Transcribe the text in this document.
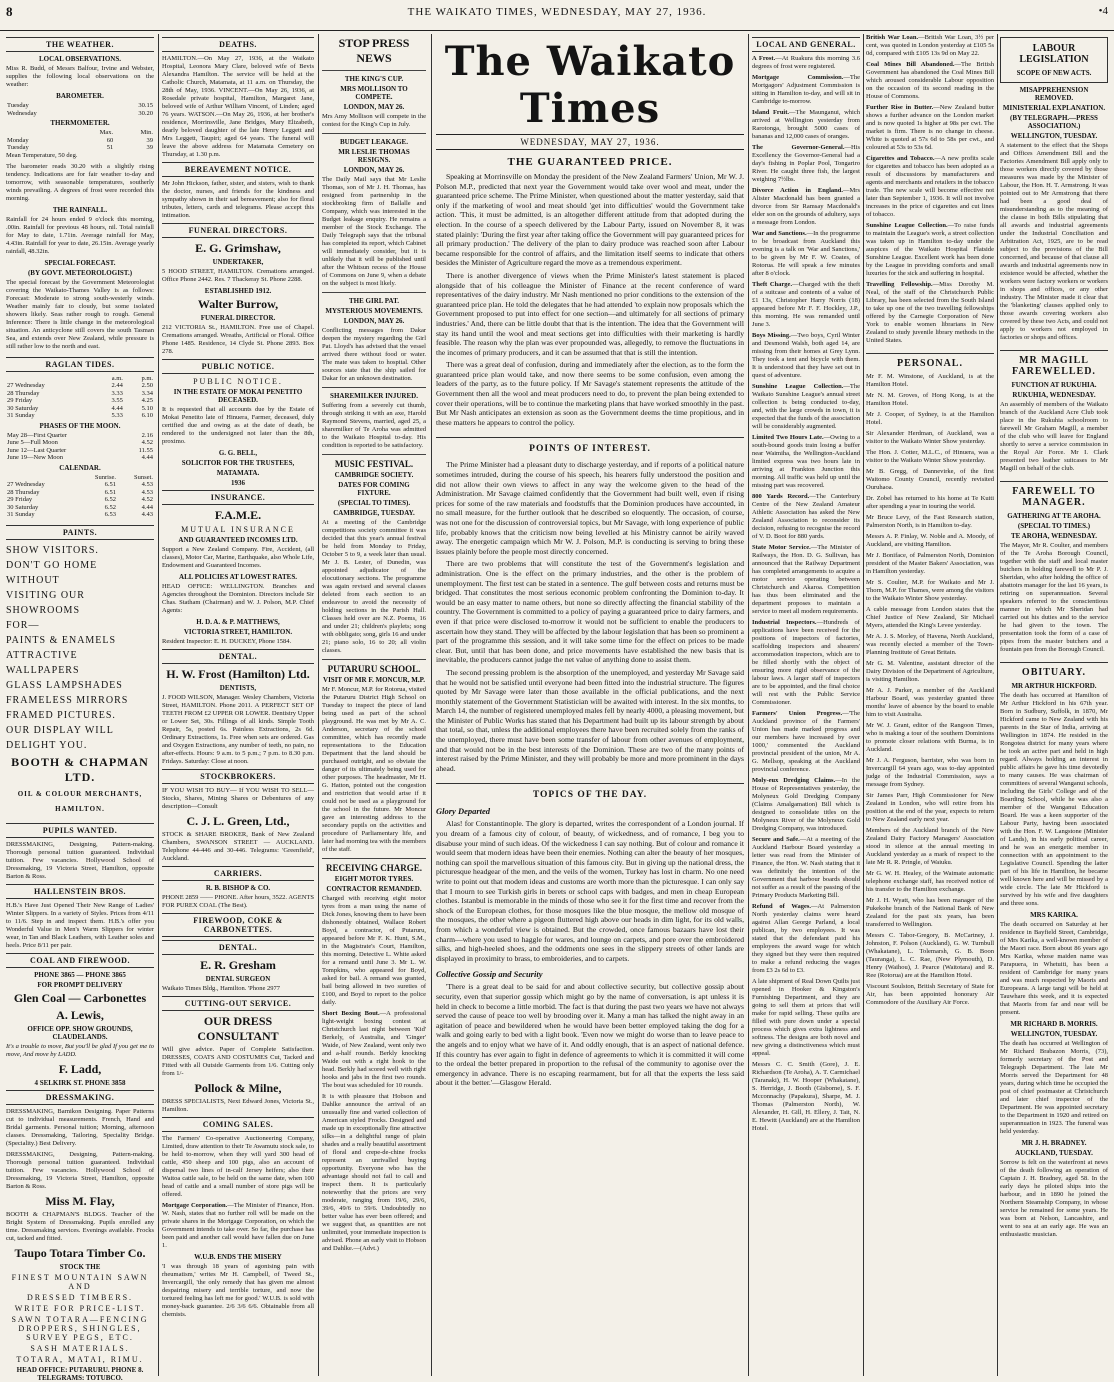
8	THE WAIKATO TIMES, WEDNESDAY, MAY 27, 1936.	•4
THE WEATHER.
LOCAL OBSERVATIONS.

Miss R. Budd, of Messrs Balfour, Irvine and Webster, supplies the following local observations on the weather:

BAROMETER.
Tuesday	30.15
Wednesday	30.20
THERMOMETER.
	Max.	Min.
Monday	60	39
Tuesday	51	39

Mean Temperature, 50 deg.

The barometer reads 30.20 with a slightly rising tendency. Indications are for fair weather to-day and tomorrow, with seasonable temperatures, southerly winds prevailing. A degrees of frost were recorded this morning.

THE RAINFALL.

Rainfall for 24 hours ended 9 o'clock this morning, .00in. Rainfall for previous 48 hours, nil. Total rainfall for May to date, 1.71in. Average rainfall for May, 4.43in. Rainfall for year to date, 26.15in. Average yearly rainfall, 48.32in.

SPECIAL FORECAST.
(BY GOVT. METEOROLOGIST.)

The special forecast by the Government Meteorologist covering the Waikato-Thames Valley is as follows: Forecast: Moderate to strong south-westerly winds. Weather mainly fair to cloudy, but some isolated showers likely. Seas rather rough to rough. General Inference: There is little change in the meteorological situation. An anticyclone still covers the south Tasman Sea, and extends over New Zealand, while pressure is still rather low to the north and east.

RAGLAN TIDES.
	a.m.	p.m.
27 Wednesday	2.44	2.50
28 Thursday	3.33	3.34
29 Friday	3.55	4.25
30 Saturday	4.44	5.10
31 Sunday	5.33	6.10
PHASES OF THE MOON.
May 28—First Quarter	2.16
June 5—Full Moon	4.52
June 12—Last Quarter	11.55
June 19—New Moon	4.44
CALENDAR.
	Sunrise.	Sunset.
27 Wednesday	6.51	4.53
28 Thursday	6.51	4.53
29 Friday	6.52	4.52
30 Saturday	6.52	4.44
31 Sunday	6.53	4.43
PAINTS.
SHOW VISITORS.
DON'T GO HOME WITHOUT
VISITING OUR SHOWROOMS
FOR—
PAINTS & ENAMELS
ATTRACTIVE WALLPAPERS
GLASS LAMPSHADES
FRAMELESS MIRRORS
FRAMED PICTURES.
OUR DISPLAY WILL DELIGHT YOU.
BOOTH & CHAPMAN LTD.
OIL & COLOUR MERCHANTS, HAMILTON.
PUPILS WANTED.

DRESSMAKING, Designing, Pattern-making. Thorough personal tuition guaranteed. Individual tuition. Few vacancies. Hollywood School of Dressmaking, 19 Victoria Street, Hamilton, opposite Barton & Ross.

HALLENSTEIN BROS.

H.B.'s Have Just Opened Their New Range of Ladies' Winter Slippers. In a variety of Styles. Prices from 4/11 to 11/6. Step in and inspect them. H.B.'s offer you Wonderful Value in Men's Warm Slippers for winter wear, in Tan and Black Leathers, with Leather soles and heels. Price 8/11 per pair.

COAL AND FIREWOOD.
PHONE 3865 — PHONE 3865
FOR PROMPT DELIVERY
Glen Coal — Carbonettes
A. Lewis,
OFFICE OPP. SHOW GROUNDS, CLAUDELANDS.

It's a trouble to move, But you'll be glad If you get me to move, And move by LADD.

F. Ladd,
4 SELKIRK ST. PHONE 3858
DRESSMAKING.

DRESSMAKING, Barnikon Designing. Paper Patterns cut to individual measurements. French, Hand and Bridal garments. Personal tuition; Morning, afternoon classes. Dressmaking, Tailoring, Speciality Bridge. (Speciality.) Best Delivery.

DRESSMAKING, Designing, Pattern-making. Thorough personal tuition guaranteed. Individual tuition. Few vacancies. Hollywood School of Dressmaking, 19 Victoria Street, Hamilton, opposite Barton & Ross.

Miss M. Flay,

BOOTH & CHAPMAN'S BLDGS. Teacher of the Bright System of Dressmaking. Pupils enrolled any time. Dressmaking services. Evenings available. Frocks cut, tacked and fitted.

Taupo Totara Timber Co.
STOCK THE
FINEST MOUNTAIN SAWN AND
DRESSED TIMBERS.
WRITE FOR PRICE-LIST.
SAWN TOTARA—FENCING DROPPERS, SHINGLES, SURVEY PEGS, ETC.
SASH MATERIALS.
TOTARA, MATAI, RIMU.
HEAD OFFICE: PUTARURU. PHONE 8. TELEGRAMS: TOTUBCO.
DEATHS.

HAMILTON.—On May 27, 1936, at the Waikato Hospital, Leonora Mary Clare, beloved wife of Bevis Alexandra Hamilton. The service will be held at the Catholic Church, Matamata, at 11 a.m. on Thursday, the 28th of May, 1936. VINCENT.—On May 26, 1936, at Rosedale private hospital, Hamilton, Margaret Jane, beloved wife of Arthur William Vincent, of Linden; aged 76 years. WATSON.—On May 26, 1936, at her brother's residence, Morrinsville, Jane Bridges, Mary Elizabeth, dearly beloved daughter of the late Henry Leggett and Mrs Leggett, Taupiri; aged 64 years. The funeral will leave the above address for Matamata Cemetery on Thursday, at 1.30 p.m.

BEREAVEMENT NOTICE.

Mr John Hickson, father, sister, and sisters, wish to thank the doctor, nurses, and friends for the kindness and sympathy shown in their sad bereavement; also for floral tributes, letters, cards and telegrams. Please accept this intimation.

FUNERAL DIRECTORS.
E. G. Grimshaw,
UNDERTAKER,

5 HOOD STREET, HAMILTON. Cremations arranged. Office Phone 2442. Res. 7 Thackeray St. Phone 2288.

ESTABLISHED 1912.
Walter Burrow,
FUNERAL DIRECTOR.

212 VICTORIA St., HAMILTON. Free use of Chapel. Cremations arranged. Wreaths, Artificial or Floral. Office Phone 1485. Residence, 14 Clyde St. Phone 2893. Box 278.

PUBLIC NOTICE.
PUBLIC NOTICE.
IN THE ESTATE OF MOKAI PENETITO DECEASED.

It is requested that all accounts due by the Estate of Mokai Penetito late of Hinuera, Farmer, deceased, duly certified due and owing as at the date of death, be rendered to the undersigned not later than the 8th, proximo.

G. G. BELL,
SOLICITOR FOR THE TRUSTEES,
MATAMATA.
1936
INSURANCE.
F.A.M.E.
MUTUAL INSURANCE
AND GUARANTEED INCOMES LTD.

Support a New Zealand Company. Fire, Accident, (all classes), Motor Car, Marine, Earthquake, also Whole Life, Endowment and Guaranteed Incomes.

ALL POLICIES AT LOWEST RATES.

HEAD OFFICE: WELLINGTON. Branches and Agencies throughout the Dominion. Directors include Sir Chas. Statham (Chairman) and W. J. Polson, M.P. Chief Agents:

H. D. A. & P. MATTHEWS,
VICTORIA STREET, HAMILTON.

Resident Inspector: E. H. DUCKEY, Phone 1584.

DENTAL.
H. W. Frost (Hamilton) Ltd.
DENTISTS,

J. FOOD WILSON, Manager. Wesley Chambers, Victoria Street, HAMILTON. Phone 2011. A PERFECT SET OF TEETH FROM £2 UPPER OR LOWER. Dentistry Upper or Lower Set, 30s. Fillings of all kinds. Simple Tooth Repair, 5s, posted 6s. Painless Extractions, 2s 6d. Ordinary Extractions, 1s. Free when sets are ordered. Gas and Oxygen Extractions, any number of teeth, no pain, no after-effects. Hours: 9 a.m. to 5 p.m.; 7 p.m. to 8.30 p.m. Fridays. Saturday: Close at noon.

STOCKBROKERS.

IF YOU WISH TO BUY— If YOU WISH TO SELL— Stocks, Shares, Mining Shares or Debentures of any description—Consult

C. J. L. Green, Ltd.,

STOCK & SHARE BROKER, Bank of New Zealand Chambers, SWANSON STREET — AUCKLAND. Telephone 44-446 and 30-446. Telegrams: 'Greenfield', Auckland.

CARRIERS.
R. B. BISHOP & CO.

PHONE 2859 —— PHONE. After hours, 3522. AGENTS FOR PUREX COAL (The Best).

FIREWOOD, COKE & CARBONETTES.
DENTAL.
E. R. Gresham
DENTAL SURGEON

Waikato Times Bldg., Hamilton. 'Phone 2977

CUTTING-OUT SERVICE.
OUR DRESS CONSULTANT

Will give advice. Paper of Complete Satisfaction. DRESSES, COATS AND COSTUMES Cut, Tacked and Fitted with all Outside Garments from 1/6. Cutting only from 1/-

Pollock & Milne,

DRESS SPECIALISTS, Next Edward Jones, Victoria St., Hamilton.

COMING SALES.

The Farmers' Co-operative Auctioneering Company, Limited, draw attention to their Te Awamutu stock sale, to be held to-morrow, when they will yard 300 head of cattle, 450 sheep and 100 pigs, also an account of dispersal two lines of in-calf Jersey heifers; also their Waitoa cattle sale, to be held on the same date, when 100 head of cattle and a small number of store pigs will be offered.

Mortgage Corporation.—The Minister of Finance, Hon. W. Nash, states that no further roll will be made on the private shares in the Mortgage Corporation, on which the Government intends to take over. So far, the purchase has been paid and another call would have fallen due on June 1.

W.U.B. ENDS THE MISERY

'I was through 18 years of agonising pain with rheumatism,' writes Mr H. Campbell, of Tweed St., Invercargill, 'the only remedy that has given me almost despairing misery and terrible torture, and now the tortured feeling has left me for good.' W.U.B. is sold with money-back guarantee. 2/6 3/6 6/6. Obtainable from all chemists.

STOP PRESS NEWS
THE KING'S CUP.
MRS MOLLISON TO COMPETE.
LONDON, MAY 26.

Mrs Amy Mollison will compete in the contest for the King's Cup in July.

BUDGET LEAKAGE.
MR LESLIE THOMAS RESIGNS.
LONDON, MAY 26.

The Daily Mail says that Mr Leslie Thomas, son of Mr J. H. Thomas, has resigned from partnership in the stockbroking firm of Ballalle and Company, which was interested in the Budget leakage enquiry. He remains a member of the Stock Exchange. The Daily Telegraph says that the tribunal has completed its report, which Cabinet will immediately consider, but it is unlikely that it will be published until after the Whitsun recess of the House of Commons on June 9, when a debate on the subject is most likely.

THE GIRL PAT.
MYSTERIOUS MOVEMENTS.
LONDON, MAY 26.

Conflicting messages from Dakar deepen the mystery regarding the Girl Pat. Lloyd's has advised that the vessel arrived there without food or water. The mate was taken to hospital. Other sources state that the ship sailed for Dakar for an unknown destination.

SHAREMILKER INJURED.

Suffering from a severely cut thumb, through striking it with an axe, Harold Raymond Stevens, married, aged 25, a sharemilker of Te Aroha was admitted to the Waikato Hospital to-day. His condition is reported to be satisfactory.

MUSIC FESTIVAL.
CAMBRIDGE SOCIETY.
DATES FOR COMING FIXTURE.
(SPECIAL TO TIMES).
CAMBRIDGE, TUESDAY.

At a meeting of the Cambridge competitions society committee it was decided that this year's annual festival be held from Monday to Friday, October 5 to 9, a week later than usual. Mr J. B. Lester, of Dunedin, was appointed adjudicator of the elocutionary sections. The programme was again revised and several classes deleted from each section to an endeavour to avoid the necessity of holding sections in the Parish Hall. Classes held over are N.Z. Poems, 16 and under 21; children's playlets; song with obbligato; song, girls 16 and under 21; piano solo, 16 to 20; all violin classes.

PUTARURU SCHOOL.
VISIT OF MR F. MONCUR, M.P.

Mr F. Moncur, M.P. for Rotorua, visited the Putaruru District High School on Tuesday to inspect the piece of land being used as part of the school playground. He was met by Mr A. C. Anderson, secretary of the school committee, which has recently made representations to the Education Department that the land should be purchased outright, and so obviate the danger of its ultimately being used for other purposes. The headmaster, Mr H. G. Hatton, pointed out the congestion and restriction that would arise if it could not be used as a playground for the school in the future. Mr Moncur gave an interesting address to the secondary pupils on the activities and procedure of Parliamentary life, and later had morning tea with the members of the staff.

RECEIVING CHARGE.
EIGHT MOTOR TYRES.
CONTRACTOR REMANDED.

Charged with receiving eight motor tyres from a man using the name of Dick Jones, knowing them to have been dishonestly obtained, Wallace Robert Boyd, a contractor, of Putaruru, appeared before Mr F. K. Hunt, S.M., in the Magistrate's Court, Hamilton, this morning. Detective L. White asked for a remand until June 3. Mr L. W. Tompkins, who appeared for Boyd, asked for bail. A remand was granted, bail being allowed in two sureties of £100, and Boyd to report to the police daily.

Short Boxing Bout.—A professional light-weight boxing contest at Christchurch last night between 'Kid' Berkely, of Australia, and 'Ginger' Waide, of New Zealand, went only two and a-half rounds. Berkly knocking Waide out with a right hook to the head. Berkly had scored well with right hooks and jabs in the first two rounds. The bout was scheduled for 10 rounds.

It is with pleasure that Hobson and Dahlke announce the arrival of an unusually fine and varied collection of American styled Frocks. Designed and made up in exceptionally fine attractive silks—in a delightful range of plain shades and a really beautiful assortment of floral and crepe-de-chine frocks represent an unrivalled buying opportunity. Everyone who has the advantage should not fail to call and inspect them. It is particularly noteworthy that the prices are very moderate, ranging from 19/6, 29/6, 39/6, 49/6 to 59/6. Undoubtedly no better value has ever been offered; and we suggest that, as quantities are not unlimited, your immediate inspection is advised. Phone an early visit to Hobson and Dahlke.—(Advt.)

The Waikato Times
WEDNESDAY, MAY 27, 1936.
THE GUARANTEED PRICE.

Speaking at Morrinsville on Monday the president of the New Zealand Farmers' Union, Mr W. J. Polson M.P., predicted that next year the Government would take over wool and meat, under the guaranteed price scheme. The Prime Minister, when questioned about the matter yesterday, said that only if the marketing of wool and meat should 'get into difficulties' would the Government take action. 'This, it must be admitted, is an altogether different attitude from that adopted during the election. In the course of a speech delivered by the Labour Party, issued on November 8, it was stated plainly: 'During the first year after taking office the Government will pay guaranteed prices for all primary production.' The delivery of the plan to dairy produce was reached soon after Labour became responsible for the control of affairs, and the limitation itself seems to indicate that others besides the Minister of Agriculture regard the move as a tremendous experiment.

There is another divergence of views when the Prime Minister's latest statement is placed alongside that of his colleague the Minister of Finance at the recent conference of ward representatives of the dairy industry. Mr Nash mentioned no prior conditions to the extension of the guaranteed price plan. He told the delegates that he had attended 'to explain now proposals which the Government proposed to put into effect for one section—and ultimately for all sections of primary industries.' And, there can be little doubt that that is the intention. The idea that the Government will stay its hand until the wool and meat sections get into difficulties with their marketing is hardly feasible. The reason why the plan was ever propounded was, allegedly, to remove the fluctuations in the incomes of primary producers, and it can be assumed that that is still the intention.

There was a great deal of confusion, during and immediately after the election, as to the form the guaranteed price plan would take, and now there seems to be some confusion, even among the leaders of the party, as to the future policy. If Mr Savage's statement represents the attitude of the Government then all the wool and meat producers need to do, to prevent the plan being extended to cover their operations, will be to continue the marketing plans that have worked smoothly in the past. But Mr Nash anticipates an extension as soon as the Government deems the time propitious, and in these matters he appears to control the policy.

POINTS OF INTEREST.

The Prime Minister had a pleasant duty to discharge yesterday, and if reports of a political nature sometimes intruded, during the course of his speech, his hearers fully understood the position and did not allow their own views to affect in any way the welcome given to the head of the Administration. Mr Savage claimed confidently that the Government had built well, even if rising prices for some of the raw materials and foodstuffs that the Dominion produces have accounted, in no small measure, for the further outlook that he described so eloquently. The occasion, of course, was not one for the discussion of controversial topics, but Mr Savage, with long experience of public life, probably knows that the criticism now being levelled at his Ministry cannot be airily waved away. The energetic campaign which Mr W. J. Polson, M.P. is conducting is serving to bring these issues plainly before the people most directly concerned.

There are two problems that will constitute the test of the Government's legislation and administration. One is the effect on the primary industries, and the other is the problem of unemployment. The first test can be stated in a sentence. The gulf between costs and returns must be bridged. That constitutes the most serious economic problem confronting the Dominion to-day. It would be an easy matter to name others, but none so directly affecting the financial stability of the country. The Government is committed to a policy of paying a guaranteed price to dairy farmers, and even if that price were disclosed to-morrow it would not be sufficient to enable the producers to ascertain how they stand. They will be affected by the labour legislation that has been so prominent a part of the programme this session, and it will take some time for the effect on prices to be made clear. But, until that has been done, and price movements have established the new basis that is inevitable, the producers cannot judge the net value of anything done to assist them.

The second pressing problem is the absorption of the unemployed, and yesterday Mr Savage said that he would not be satisfied until everyone had been fitted into the industrial structure. The figures quoted by Mr Savage were later than those available in the official publications, and the next monthly statement of the Government Statistician will be awaited with interest. In the six months, to March 14, the number of registered unemployed males fell by nearly 4000, a pleasing movement, but the Minister of Public Works has stated that his Department had built up its labour strength by about that total, so that, unless the additional employees there have been recruited solely from the ranks of the unemployed, there must have been some transfer of labour from other avenues of employment, and that would not be in the best interests of the Dominion. These are two of the many points of interest raised by the Prime Minister, and they will probably be more and more prominent in the days ahead.

TOPICS OF THE DAY.
Glory Departed

Alas! for Constantinople. The glory is departed, writes the correspondent of a London journal. If you dream of a famous city of colour, of beauty, of wickedness, and of romance, I beg you to disabuse your mind of such ideas. Of the wickedness I can say nothing. But of colour and romance it would seem that modern ideas have been their enemies. Nothing can alter the beauty of her mosques, nothing can spoil the marvellous situation of this famous city. But in giving up the national dress, the picturesque headgear of the men, and the veils of the women, Turkey has lost in charm. No one need write to point out that modern ideas and customs are worth more than the picturesque. I can only say that I mourn to see Turkish girls in berets or school caps with badges, and men in cheap European clothes. Istanbul is memorable in the minds of those who see it for the first time and recover from the shock of the European clothes, for those mosques like the blue mosque, the mellow old mosque of the mosques, the other where a pigeon fluttered high above our heads in dim light, for its old walls, from which a wonderful view is obtained. But the crowded, once famous bazaars have lost their charm—where you used to haggle for wares, and lounge on carpets, and pore over the embroidered silks, and high-heeled shoes, and the oddments one sees in the slippery streets of other lands are displayed in proximity to brass, to embroideries, and to carpets.

Collective Gossip and Security

'There is a great deal to be said for and about collective security, but collective gossip about security, even that superior gossip which might go by the name of conversation, is apt unless it is held in check to become a little morbid. The fact is that during the past two years we have not always served the cause of peace too well by brooding over it. Many a man has talked the night away in an agitation of peace and bewildered when he would have been better employed taking the dog for a walk and going early to bed with a light book. 'Even now we might do worse than to leave peace to the angels and to enjoy what we have of it. And oddly enough, that is an aspect of national defence. If this country has ever again to fight in defence of agreements to which it is committed it will come to the ordeal the better prepared in proportion to the refusal of the community to agonise over the emergency in advance. There is no escaping rearmament, but for all that the experts the less said about it the better.'—Glasgow Herald.

LOCAL AND GENERAL.

A Frost.—At Ruakura this morning 3.6 degrees of frost were registered.

Mortgage Commission.—The Mortgagors' Adjustment Commission is sitting in Hamilton to-day, and will sit in Cambridge to-morrow.

Island Fruit.—The Maunganui, which arrived at Wellington yesterday from Rarotonga, brought 5000 cases of bananas and 12,000 cases of oranges.

The Governor-General.—His Excellency the Governor-General had a day's fishing in Poplar Pool, Tongariro River. He caught three fish, the largest weighing 7½lbs.

Divorce Action in England.—Mrs Alister Macdonald has been granted a divorce from Sir Ramsay Macdonald's elder son on the grounds of adultery, says a message from London.

War and Sanctions.—In the programme to be broadcast from Auckland this evening is a talk on 'War and Sanctions,' to be given by Mr F. W. Coates, of Rotorua. He will speak a few minutes after 8 o'clock.

Theft Charge.—Charged with the theft of a suitcase and contents of a value of £1 13s, Christopher Harry Norris (18) appeared before Mr F. F. Hockley, J.P., this morning. He was remanded until June 3.

Boys Missing.—Two boys, Cyril Winter and Desmond Walsh, both aged 14, are missing from their homes at Grey Lynn. They took a tent and bicycle with them. It is understood that they have set out in quest of adventure.

Sunshine League Collection.—The Waikato Sunshine League's annual street collection is being conducted to-day, and, with the large crowds in town, it is expected that the funds of the association will be considerably augmented.

Limited Two Hours Late.—Owing to a south-bound goods train losing a buffer near Waimiha, the Wellington-Auckland limited express was two hours late in arriving at Frankton Junction this morning. All traffic was held up until the missing part was recovered.

800 Yards Record.—The Canterbury Centre of the New Zealand Amateur Athletic Association has asked the New Zealand Association to reconsider its decision, refusing to recognise the record of V. D. Boot for 880 yards.

State Motor Service.—The Minister of Railways, the Hon. D. G. Sullivan, has announced that the Railway Department has completed arrangements to acquire a motor service operating between Christchurch and Akaroa. Competition has thus been eliminated and the department proposes to maintain a service to meet all modern requirements.

Industrial Inspectors.—Hundreds of applications have been received for the positions of inspectors of factories, scaffolding inspectors and shearers' accommodation inspectors, which are to be filled shortly with the object of ensuring more rigid observance of the labour laws. A larger staff of inspectors are to be appointed, and the final choice will rest with the Public Service Commissioner.

Farmers' Union Progress.—'The Auckland province of the Farmers' Union has made marked progress and our members have increased by over 1000,' commented the Auckland provincial president of the union, Mr A. G. Mellsop, speaking at the Auckland provincial conference.

Moly-eux Dredging Claims.—In the House of Representatives yesterday, the Molyneux Gold Dredging Company (Claims Amalgamation) Bill which is designed to consolidate titles on the Molyneux River of the Molyneux Gold Dredging Company, was introduced.

Secure and Safe.—At a meeting of the Auckland Harbour Board yesterday a letter was read from the Minister of Finance, the Hon. W. Nash stating that it was definitely the intention of the Government that harbour boards should not suffer as a result of the passing of the Primary Products Marketing Bill.

Refund of Wages.—At Palmerston North yesterday claims were heard against Allan George Parland, a local publican, by two employees. It was stated that the defendant paid his employees the award wage for which they signed but they were then required to make a refund reducing the wages from £3 2s 6d to £3.

A late shipment of Real Down Quilts just opened in Hooker & Kingston's Furnishing Department, and they are going to sell them at prices that will make for rapid selling. These quilts are filled with pure down under a special process which gives extra lightness and softness. The designs are both novel and new giving a distinctiveness which must appeal.

Messrs C. C. Smith (Gore), J. E. Richardson (Te Aroha), A. T. Carmichael (Taranaki), H. W. Hooper (Whakatane), S. Herridge, J. Booth (Gisborne), S. F. Mcconnachy (Papakura), Sharpe, M. J. Thomas (Palmerston North), W. Alexander, H. Gill, H. Ellery, J. Tait, N. E. Hewitt (Auckland) are at the Hamilton Hotel.

British War Loan.—British War Loan, 3½ per cent, was quoted in London yesterday at £105 5s 0d, compared with £105 13s 9d on May 22.

Coal Mines Bill Abandoned.—The British Government has abandoned the Coal Mines Bill which aroused considerable Labour opposition on the occasion of its second reading in the House of Commons.

Further Rise in Butter.—New Zealand butter shows a further advance on the London market and is now quoted 1s higher at 98s per cwt. The market is firm. There is no change in cheese. White is quoted at 57s 6d to 58s per cwt., and coloured at 53s to 53s 6d.

Cigarettes and Tobacco.—A new profits scale for cigarettes and tobacco has been adopted as a result of discussions by manufacturers and agents and merchants and retailers in the tobacco trade. The new scale will become effective not later than September 1, 1936. It will not involve increases in the price of cigarettes and cut lines of tobacco.

Sunshine League Collection.—To raise funds to maintain the League's work, a street collection was taken up in Hamilton to-day under the auspices of the Waikato Hospital Flatside Sunshine League. Excellent work has been done by the League in providing comforts and small luxuries for the sick and suffering in hospital.

Travelling Fellowship.—Miss Dorothy M. Neal, of the staff of the Christchurch Public Library, has been selected from the South Island to take up one of the two travelling fellowships offered by the Carnegie Corporation of New York to enable women librarians in New Zealand to study juvenile library methods in the United States.

PERSONAL.

Mr F. M. Winstone, of Auckland, is at the Hamilton Hotel.

Mr N. M. Groves, of Hong Kong, is at the Hamilton Hotel.

Mr J. Cooper, of Sydney, is at the Hamilton Hotel.

Sir Alexander Herdman, of Auckland, was a visitor to the Waikato Winter Show yesterday.

The Hon. J. Cotter, M.L.C., of Hinuera, was a visitor to the Waikato Winter Show yesterday.

Mr B. Gregg, of Dannevirke, of the first Waitomo County Council, recently revisited Ouruhaoa.

Dr. Zobel has returned to his home at Te Kuiti after spending a year in touring the world.

Mr Bruce Levy, of the Fast Research station, Palmerston North, is in Hamilton to-day.

Messrs A. P. Finlay, W. Noble and A. Moody, of Auckland, are visiting Hamilton.

Mr J. Boniface, of Palmerston North, Dominion president of the Master Bakers' Association, was in Hamilton yesterday.

Mr S. Coulter, M.P. for Waikato and Mr J. Thorn, M.P. for Thames, were among the visitors to the Waikato Winter Show yesterday.

A cable message from London states that the Chief Justice of New Zealand, Sir Michael Myers, attended the King's Levee yesterday.

Mr A. J. S. Morley, of Havena, North Auckland, was recently elected a member of the Town-Planning Institute of Great Britain.

Mr G. M. Valentine, assistant director of the Dairy Division of the Department of Agriculture, is visiting Hamilton.

Mr A. J. Parker, a member of the Auckland Harbour Board, was yesterday granted three months' leave of absence by the board to enable him to visit Australia.

Mr W. J. Grant, editor of the Rangoon Times, who is making a tour of the southern Dominions to promote closer relations with Burma, is in Auckland.

Mr J. A. Ferguson, barrister, who was born in Invercargill 64 years ago, was to-day appointed judge of the Industrial Commission, says a message from Sydney.

Sir James Parr, High Commissioner for New Zealand in London, who will retire from his position at the end of the year, expects to return to New Zealand early next year.

Members of the Auckland branch of the New Zealand Dairy Factory Managers' Association stood in silence at the annual meeting in Auckland yesterday as a mark of respect to the late Mr R. R. Pringle, of Waiuku.

Mr G. W. H. Healey, of the Waimate automatic telephone exchange staff, has received notice of his transfer to the Hamilton exchange.

Mr J. H. Wyatt, who has been manager of the Pukekohe branch of the National Bank of New Zealand for the past six years, has been transferred to Wellington.

Messrs C. Tabor-Gregory, B. McCartney, J. Johnston, F. Polson (Auckland), G. W. Turnbull (Whakatane), L. Tolemarsh, G. B. Boon (Tauranga), L. C. Rae, (New Plymouth), D. Henry (Waihou), J. Pearce (Waitotara) and R. Ree (Rotorua) are at the Hamilton Hotel.

Viscount Soulston, British Secretary of State for Air, has been appointed honorary Air Commodore of the Auxiliary Air Force.

LABOUR LEGISLATION
SCOPE OF NEW ACTS.
MISAPPREHENSION REMOVED.
MINISTERIAL EXPLANATION.
(BY TELEGRAPH.—PRESS ASSOCIATION.)
WELLINGTON, TUESDAY.

A statement to the effect that the Shops and Offices Amendment Bill and the Factories Amendment Bill apply only to those workers directly covered by those measures was made by the Minister of Labour, the Hon. H. T. Armstrong. It was pointed out to Mr Armstrong that there had been a good deal of misunderstanding as to the meaning of the clause in both Bills stipulating that all awards and industrial agreements under the Industrial Conciliation and Arbitration Act, 1925, are to be read subject to the provisions of the Bill concerned, and because of that clause all awards and industrial agreements now in existence would be affected, whether the workers were factory workers or workers in shops and offices, or any other industry. The Minister made it clear that the 'blanketing' clauses applied only to those awards covering workers also covered by these two Acts, and could not apply to workers not employed in factories or shops and offices.

MR MAGILL FAREWELLED.
FUNCTION AT RUKUHIA.
RUKUHIA, WEDNESDAY.

An assembly of members of the Waikato branch of the Auckland Acre Club took place in the Rukuhia schoolroom to farewell Mr Graham Magill, a member of the club who will leave for England shortly to serve a service commission in the Royal Air Force. Mr I. Clark presented two leather suitcases to Mr Magill on behalf of the club.

FAREWELL TO MANAGER.
GATHERING AT TE AROHA.
(SPECIAL TO TIMES.)
TE AROHA, WEDNESDAY.

The Mayor, Mr R. Coulter, and members of the Te Aroha Borough Council, together with the staff and local master butchers in holding farewell to Mr P. J. Sheridan, who after holding the office of abattoirs manager for the last 16 years, is retiring on superannuation. Several speakers referred to the conscientious manner in which Mr Sheridan had carried out his duties and to the service he had given to the town. The presentation took the form of a case of pipes from the master butchers and a fountain pen from the Borough Council.

OBITUARY.
MR ARTHUR HICKFORD.

The death has occurred at Hamilton of Mr Arthur Hickford in his 67th year. Born in Sudbury, Suffolk, in 1870, Mr Hickford came to New Zealand with his parents in the Star of India, arriving at Wellington in 1874. He resided in the Rongotea district for many years where he took an active part and held in high regard. Always holding an interest in public affairs he gave his time devotedly to many causes. He was chairman of committees of several Wanganui schools, including the Girls' College and of the Boarding School, while he was also a member of the Wanganui Education Board. He was a keen supporter of the Labour Party, having been associated with the Hon. F. W. Langstone (Minister of Lands), in his early political career, and he was an energetic member in connection with an appointment to the Legislative Council. Spending the latter part of his life in Hamilton, he became well known here and will be missed by a wide circle. The late Mr Hickford is survived by his wife and five daughters and three sons.

MRS KARIKA.

The death occurred on Saturday at her residence in Bayfield Street, Cambridge, of Mrs Karika, a well-known member of the Maori race. Born about 86 years ago Mrs Karika, whose maiden name was Parapuera, in Whetuiti, has been a resident of Cambridge for many years and was much respected by Maoris and Europeans. A large tangi will be held at Tauwhare this week, and it is expected that Maoris from far and near will be present.

MR RICHARD B. MORRIS.
WELLINGTON, TUESDAY.

The death has occurred at Wellington of Mr Richard Brabazon Morris, (73), formerly secretary of the Post and Telegraph Department. The late Mr Morris served the Department for 48 years, during which time he occupied the post of chief postmaster at Christchurch and later chief inspector of the Department. He was appointed secretary to the Department in 1920 and retired on superannuation in 1923. The funeral was held yesterday.

MR J. H. BRADNEY.
AUCKLAND, TUESDAY.

Sorrow is felt on the waterfront at news of the death following an operation of Captain J. H. Bradney, aged 58. In the early days he piloted ships into the harbour, and in 1890 he joined the Northern Steamship Company, in whose service he remained for some years. He was born at Nelson, Lancashire, and went to sea at an early age. He was an enthusiastic musician.
